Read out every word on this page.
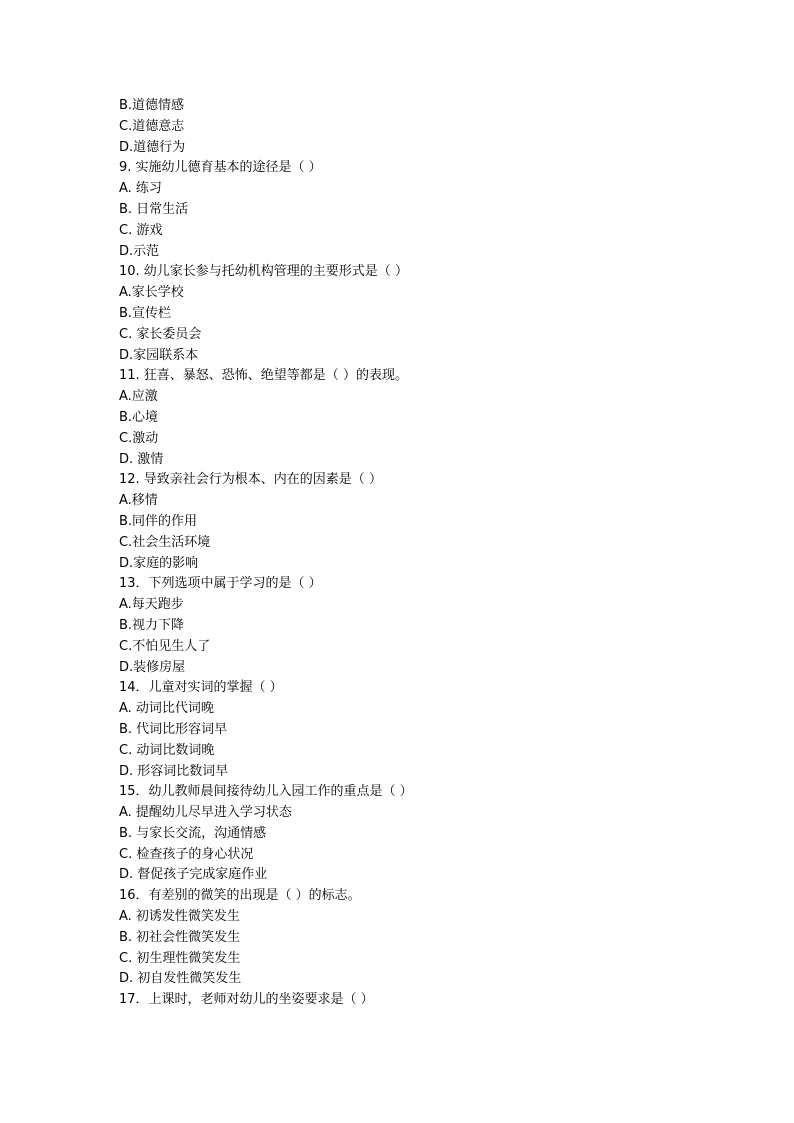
B.道德情感
C.道德意志
D.道德行为
9. 实施幼儿德育基本的途径是（ ）
A. 练习
B. 日常生活
C. 游戏
D.示范
10. 幼儿家长参与托幼机构管理的主要形式是（ ）
A.家长学校
B.宣传栏
C. 家长委员会
D.家园联系本
11. 狂喜、暴怒、恐怖、绝望等都是（ ）的表现。
A.应激
B.心境
C.激动
D. 激情
12. 导致亲社会行为根本、内在的因素是（ ）
A.移情
B.同伴的作用
C.社会生活环境
D.家庭的影响
13．下列选项中属于学习的是（ ）
A.每天跑步
B.视力下降
C.不怕见生人了
D.装修房屋
14．儿童对实词的掌握（ ）
A. 动词比代词晚
B. 代词比形容词早
C. 动词比数词晚
D. 形容词比数词早
15．幼儿教师晨间接待幼儿入园工作的重点是（ ）
A. 提醒幼儿尽早进入学习状态
B. 与家长交流，沟通情感
C. 检查孩子的身心状况
D. 督促孩子完成家庭作业
16．有差别的微笑的出现是（ ）的标志。
A. 初诱发性微笑发生
B. 初社会性微笑发生
C. 初生理性微笑发生
D. 初自发性微笑发生
17．上课时，老师对幼儿的坐姿要求是（ ）
